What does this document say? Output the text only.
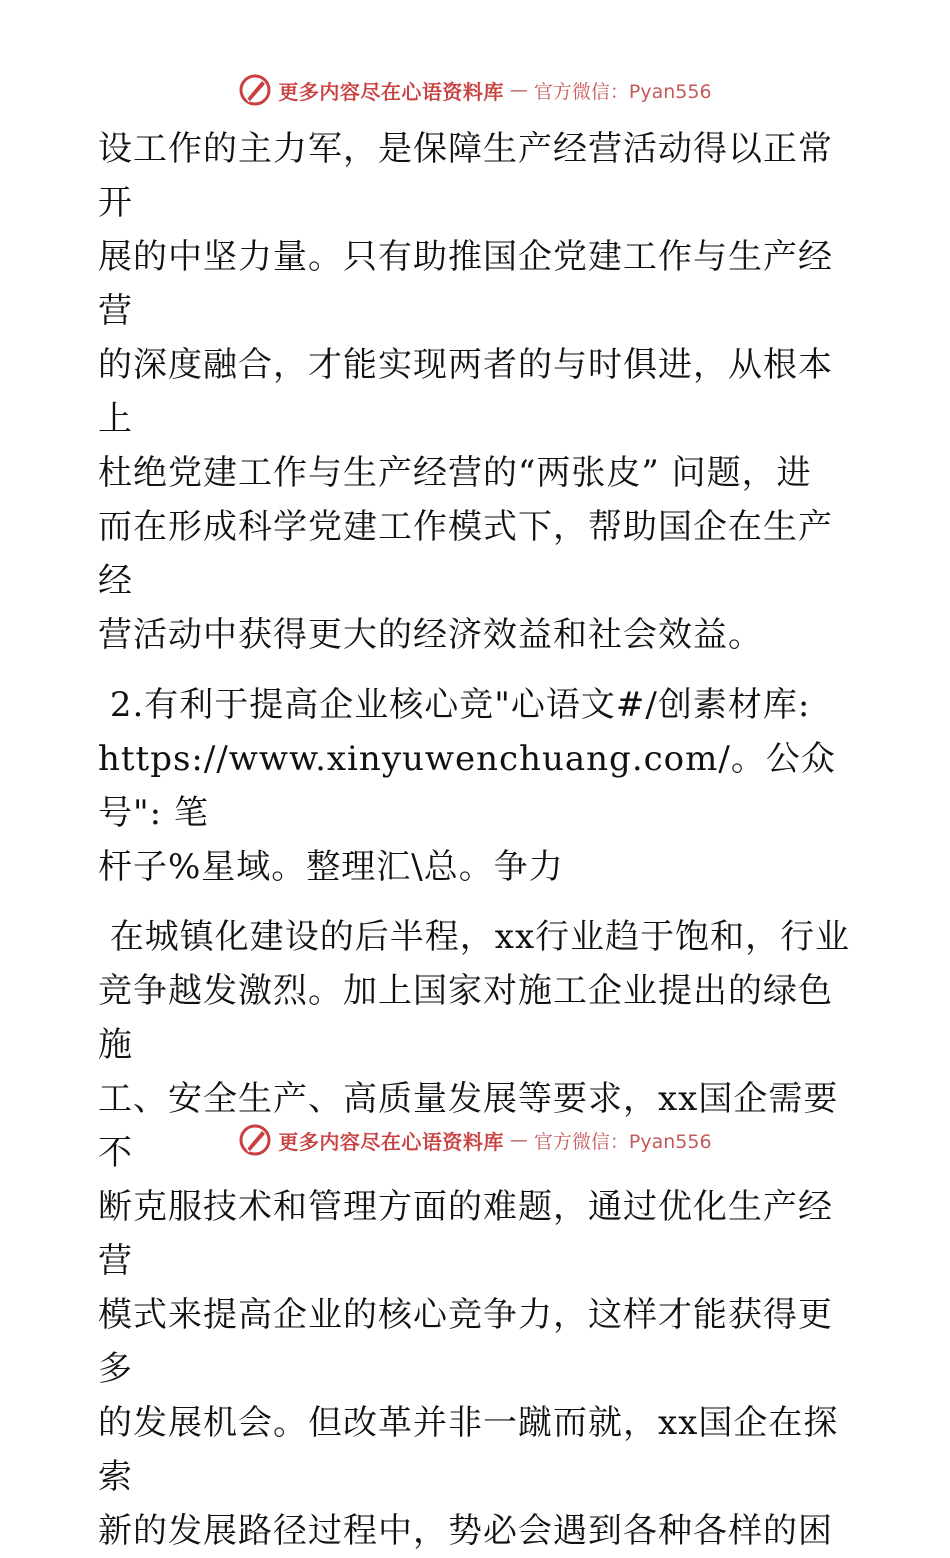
更多内容尽在心语资料库 — 官方微信：Pyan556

设工作的主力军，是保障生产经营活动得以正常开
展的中坚力量。只有助推国企党建工作与生产经营
的深度融合，才能实现两者的与时俱进，从根本上
杜绝党建工作与生产经营的“两张皮” 问题，进
而在形成科学党建工作模式下，帮助国企在生产经
营活动中获得更大的经济效益和社会效益。

2.有利于提高企业核心竞"心语文#/创素材库:
https://www.xinyuwenchuang.com/。公众号": 笔
杆子%星域。整理汇\总。争力

在城镇化建设的后半程，xx行业趋于饱和，行业
竞争越发激烈。加上国家对施工企业提出的绿色施
工、安全生产、高质量发展等要求，xx国企需要不
断克服技术和管理方面的难题，通过优化生产经营
模式来提高企业的核心竞争力，这样才能获得更多
的发展机会。但改革并非一蹴而就，xx国企在探索
新的发展路径过程中，势必会遇到各种各样的困

更多内容尽在心语资料库 — 官方微信：Pyan556
